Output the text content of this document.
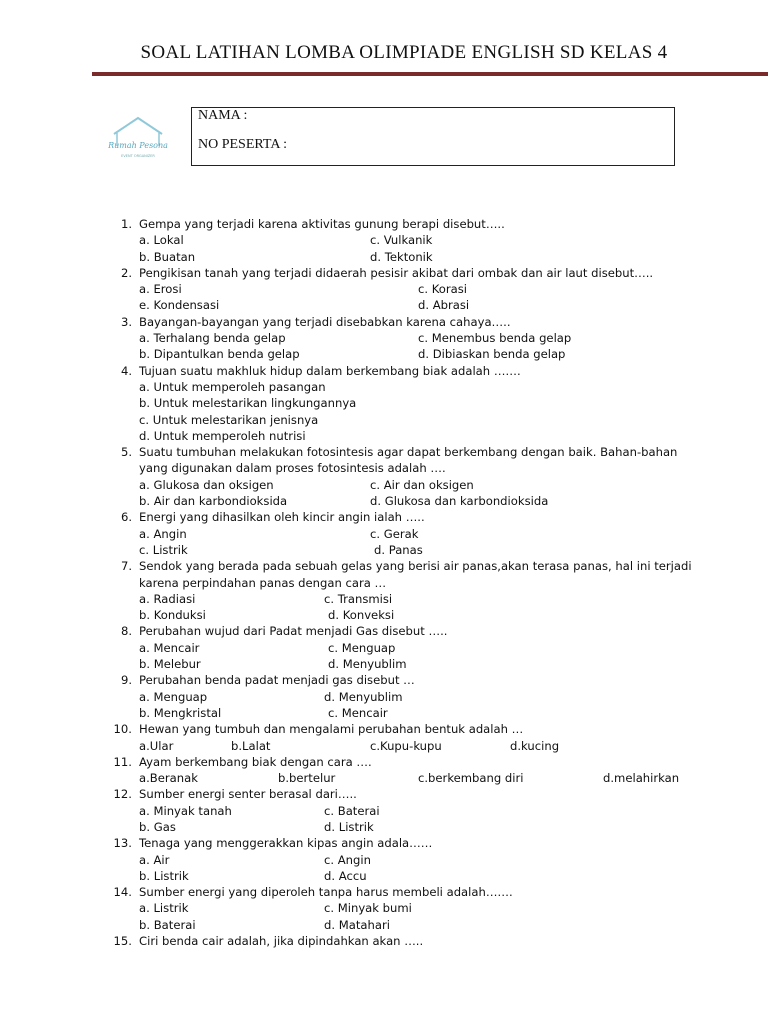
SOAL LATIHAN LOMBA OLIMPIADE ENGLISH SD KELAS 4
Rumah Pesona
EVENT ORGANIZER
NAMA :
NO PESERTA :
1. Gempa yang terjadi karena aktivitas gunung berapi disebut…..
a. Lokal	c. Vulkanik
b. Buatan	d. Tektonik
2. Pengikisan tanah yang terjadi didaerah pesisir akibat dari ombak dan air laut disebut…..
a. Erosi	c. Korasi
e. Kondensasi	d. Abrasi
3. Bayangan-bayangan yang terjadi disebabkan karena cahaya…..
a. Terhalang benda gelap	c. Menembus benda gelap
b. Dipantulkan benda gelap	d. Dibiaskan benda gelap
4. Tujuan suatu makhluk hidup dalam berkembang biak adalah …….
a. Untuk memperoleh pasangan
b. Untuk melestarikan lingkungannya
c. Untuk melestarikan jenisnya
d. Untuk memperoleh nutrisi
5. Suatu tumbuhan melakukan fotosintesis agar dapat berkembang dengan baik. Bahan-bahan
yang digunakan dalam proses fotosintesis adalah ….
a. Glukosa dan oksigen	c. Air dan oksigen
b. Air dan karbondioksida	d. Glukosa dan karbondioksida
6. Energi yang dihasilkan oleh kincir angin ialah …..
a. Angin	c. Gerak
c. Listrik	d. Panas
7. Sendok yang berada pada sebuah gelas yang berisi air panas,akan terasa panas, hal ini terjadi
karena perpindahan panas dengan cara …
a. Radiasi	c. Transmisi
b. Konduksi	d. Konveksi
8. Perubahan wujud dari Padat menjadi Gas disebut …..
a. Mencair	c. Menguap
b. Melebur	d. Menyublim
9. Perubahan benda padat menjadi gas disebut …
a. Menguap	d. Menyublim
b. Mengkristal	c. Mencair
10. Hewan yang tumbuh dan mengalami perubahan bentuk adalah …
a.Ular	b.Lalat	c.Kupu-kupu	d.kucing
11. Ayam berkembang biak dengan cara ….
a.Beranak	b.bertelur	c.berkembang diri	d.melahirkan
12. Sumber energi senter berasal dari…..
a. Minyak tanah	c. Baterai
b. Gas	d. Listrik
13. Tenaga yang menggerakkan kipas angin adala……
a. Air	c. Angin
b. Listrik	d. Accu
14. Sumber energi yang diperoleh tanpa harus membeli adalah…….
a. Listrik	c. Minyak bumi
b. Baterai	d. Matahari
15. Ciri benda cair adalah, jika dipindahkan akan …..
